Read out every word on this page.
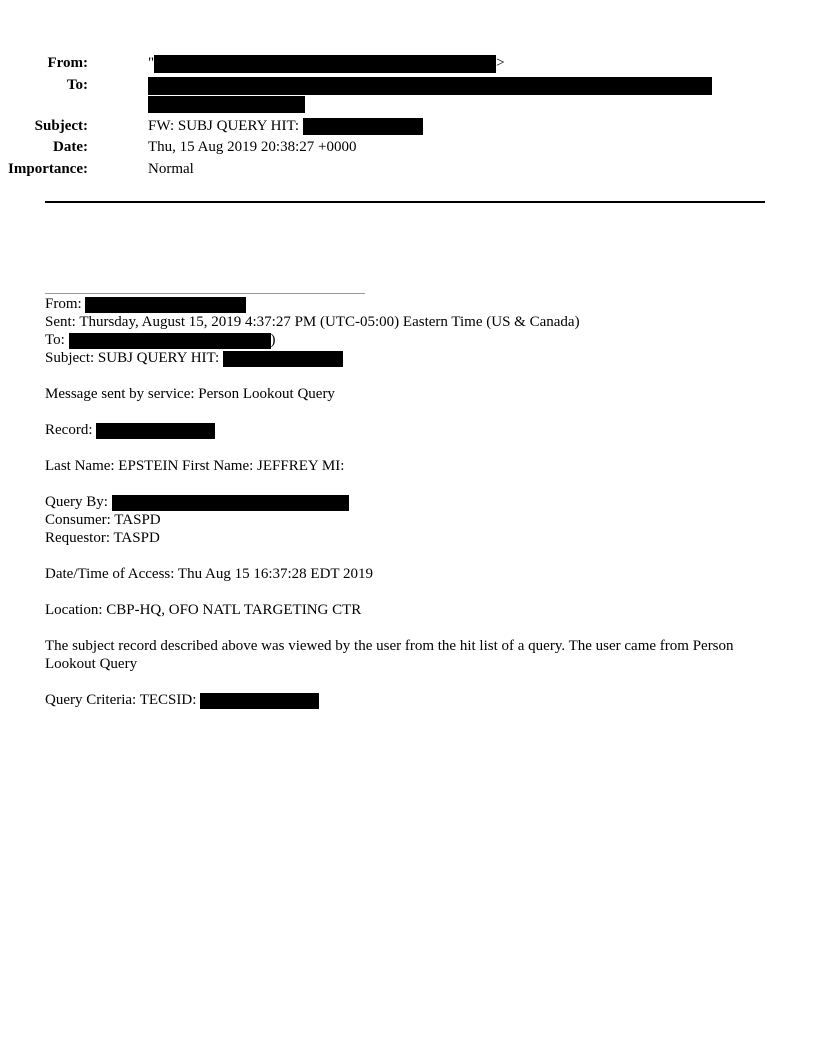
From:	"	>
To:
Subject:	FW: SUBJ QUERY HIT:
Date:	Thu, 15 Aug 2019 20:38:27 +0000
Importance:	Normal
From:
Sent: Thursday, August 15, 2019 4:37:27 PM (UTC-05:00) Eastern Time (US & Canada)
To:	)
Subject: SUBJ QUERY HIT:
Message sent by service: Person Lookout Query
Record:
Last Name: EPSTEIN First Name: JEFFREY MI:
Query By:
Consumer: TASPD
Requestor: TASPD
Date/Time of Access: Thu Aug 15 16:37:28 EDT 2019
Location: CBP-HQ, OFO NATL TARGETING CTR
The subject record described above was viewed by the user from the hit list of a query. The user came from Person Lookout Query
Query Criteria: TECSID:
